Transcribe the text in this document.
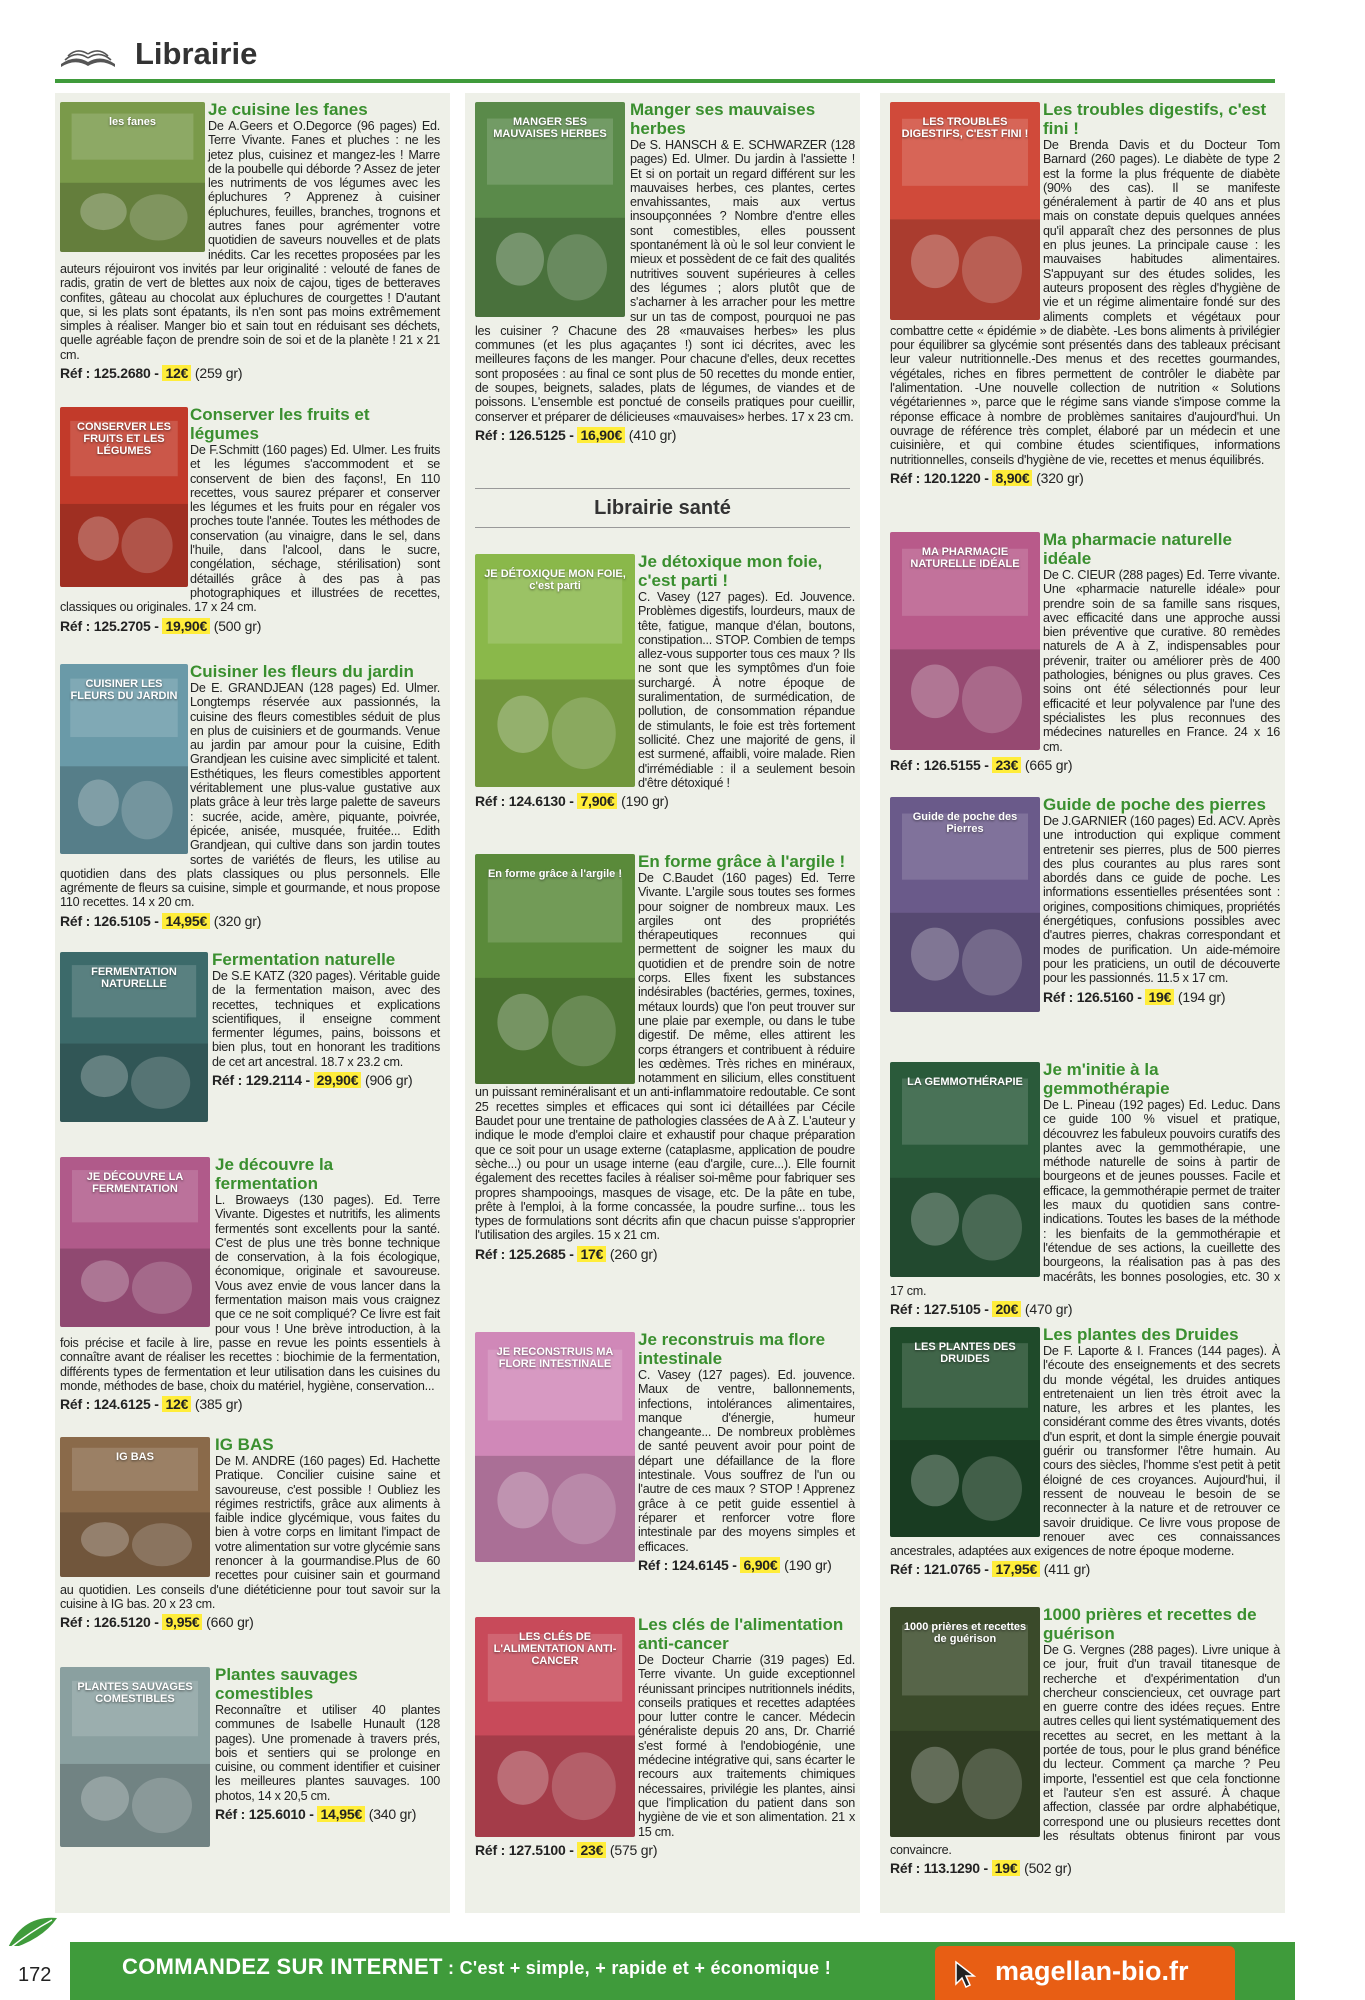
Librairie
Librairie santé
172	COMMANDEZ SUR INTERNET : C'est + simple, + rapide et + économique !	magellan-bio.fr
les fanes
Je cuisine les fanes
De A.Geers et O.Degorce (96 pages) Ed. Terre Vivante. Fanes et pluches : ne les jetez plus, cuisinez et mangez-les ! Marre de la poubelle qui déborde ? Assez de jeter les nutriments de vos légumes avec les épluchures ? Apprenez à cuisiner épluchures, feuilles, branches, trognons et autres fanes pour agrémenter votre quotidien de saveurs nouvelles et de plats inédits. Car les recettes proposées par les auteurs réjouiront vos invités par leur originalité : velouté de fanes de radis, gratin de vert de blettes aux noix de cajou, tiges de betteraves confites, gâteau au chocolat aux épluchures de courgettes ! D'autant que, si les plats sont épatants, ils n'en sont pas moins extrêmement simples à réaliser. Manger bio et sain tout en réduisant ses déchets, quelle agréable façon de prendre soin de soi et de la planète ! 21 x 21 cm.
Réf : 125.2680 - 12€ (259 gr)
CONSERVER LES FRUITS ET LES LÉGUMES
Conserver les fruits et légumes
De F.Schmitt (160 pages) Ed. Ulmer. Les fruits et les légumes s'accommodent et se conservent de bien des façons!, En 110 recettes, vous saurez préparer et conserver les légumes et les fruits pour en régaler vos proches toute l'année. Toutes les méthodes de conservation (au vinaigre, dans le sel, dans l'huile, dans l'alcool, dans le sucre, congélation, séchage, stérilisation) sont détaillés grâce à des pas à pas photographiques et illustrées de recettes, classiques ou originales. 17 x 24 cm.
Réf : 125.2705 - 19,90€ (500 gr)
CUISINER LES FLEURS DU JARDIN
Cuisiner les fleurs du jardin
De E. GRANDJEAN (128 pages) Ed. Ulmer. Longtemps réservée aux passionnés, la cuisine des fleurs comestibles séduit de plus en plus de cuisiniers et de gourmands. Venue au jardin par amour pour la cuisine, Edith Grandjean les cuisine avec simplicité et talent. Esthétiques, les fleurs comestibles apportent véritablement une plus-value gustative aux plats grâce à leur très large palette de saveurs : sucrée, acide, amère, piquante, poivrée, épicée, anisée, musquée, fruitée... Edith Grandjean, qui cultive dans son jardin toutes sortes de variétés de fleurs, les utilise au quotidien dans des plats classiques ou plus personnels. Elle agrémente de fleurs sa cuisine, simple et gourmande, et nous propose 110 recettes. 14 x 20 cm.
Réf : 126.5105 - 14,95€ (320 gr)
FERMENTATION NATURELLE
Fermentation naturelle
De S.E KATZ (320 pages). Véritable guide de la fermentation maison, avec des recettes, techniques et explications scientifiques, il enseigne comment fermenter légumes, pains, boissons et bien plus, tout en honorant les traditions de cet art ancestral. 18.7 x 23.2 cm.
Réf : 129.2114 - 29,90€ (906 gr)
JE DÉCOUVRE LA FERMENTATION
Je découvre la fermentation
L. Browaeys (130 pages). Ed. Terre Vivante. Digestes et nutritifs, les aliments fermentés sont excellents pour la santé. C'est de plus une très bonne technique de conservation, à la fois écologique, économique, originale et savoureuse. Vous avez envie de vous lancer dans la fermentation maison mais vous craignez que ce ne soit compliqué? Ce livre est fait pour vous ! Une brève introduction, à la fois précise et facile à lire, passe en revue les points essentiels à connaître avant de réaliser les recettes : biochimie de la fermentation, différents types de fermentation et leur utilisation dans les cuisines du monde, méthodes de base, choix du matériel, hygiène, conservation...
Réf : 124.6125 - 12€ (385 gr)
IG BAS
IG BAS
De M. ANDRE (160 pages) Ed. Hachette Pratique. Concilier cuisine saine et savoureuse, c'est possible ! Oubliez les régimes restrictifs, grâce aux aliments à faible indice glycémique, vous faites du bien à votre corps en limitant l'impact de votre alimentation sur votre glycémie sans renoncer à la gourmandise.Plus de 60 recettes pour cuisiner sain et gourmand au quotidien. Les conseils d'une diététicienne pour tout savoir sur la cuisine à IG bas. 20 x 23 cm.
Réf : 126.5120 - 9,95€ (660 gr)
PLANTES SAUVAGES COMESTIBLES
Plantes sauvages comestibles
Reconnaître et utiliser 40 plantes communes de Isabelle Hunault (128 pages). Une promenade à travers prés, bois et sentiers qui se prolonge en cuisine, ou comment identifier et cuisiner les meilleures plantes sauvages. 100 photos, 14 x 20,5 cm.
Réf : 125.6010 - 14,95€ (340 gr)
MANGER SES MAUVAISES HERBES
Manger ses mauvaises herbes
De S. HANSCH & E. SCHWARZER (128 pages) Ed. Ulmer. Du jardin à l'assiette ! Et si on portait un regard différent sur les mauvaises herbes, ces plantes, certes envahissantes, mais aux vertus insoupçonnées ? Nombre d'entre elles sont comestibles, elles poussent spontanément là où le sol leur convient le mieux et possèdent de ce fait des qualités nutritives souvent supérieures à celles des légumes ; alors plutôt que de s'acharner à les arracher pour les mettre sur un tas de compost, pourquoi ne pas les cuisiner ? Chacune des 28 «mauvaises herbes» les plus communes (et les plus agaçantes !) sont ici décrites, avec les meilleures façons de les manger. Pour chacune d'elles, deux recettes sont proposées : au final ce sont plus de 50 recettes du monde entier, de soupes, beignets, salades, plats de légumes, de viandes et de poissons. L'ensemble est ponctué de conseils pratiques pour cueillir, conserver et préparer de délicieuses «mauvaises» herbes. 17 x 23 cm.
Réf : 126.5125 - 16,90€ (410 gr)
JE DÉTOXIQUE MON FOIE, c'est parti
Je détoxique mon foie, c'est parti !
C. Vasey (127 pages). Ed. Jouvence. Problèmes digestifs, lourdeurs, maux de tête, fatigue, manque d'élan, boutons, constipation... STOP. Combien de temps allez-vous supporter tous ces maux ? Ils ne sont que les symptômes d'un foie surchargé. À notre époque de suralimentation, de surmédication, de pollution, de consommation répandue de stimulants, le foie est très fortement sollicité. Chez une majorité de gens, il est surmené, affaibli, voire malade. Rien d'irrémédiable : il a seulement besoin d'être détoxiqué !
Réf : 124.6130 - 7,90€ (190 gr)
En forme grâce à l'argile !
En forme grâce à l'argile !
De C.Baudet (160 pages) Ed. Terre Vivante. L'argile sous toutes ses formes pour soigner de nombreux maux. Les argiles ont des propriétés thérapeutiques reconnues qui permettent de soigner les maux du quotidien et de prendre soin de notre corps. Elles fixent les substances indésirables (bactéries, germes, toxines, métaux lourds) que l'on peut trouver sur une plaie par exemple, ou dans le tube digestif. De même, elles attirent les corps étrangers et contribuent à réduire les œdèmes. Très riches en minéraux, notamment en silicium, elles constituent un puissant reminéralisant et un anti-inflammatoire redoutable. Ce sont 25 recettes simples et efficaces qui sont ici détaillées par Cécile Baudet pour une trentaine de pathologies classées de A à Z. L'auteur y indique le mode d'emploi claire et exhaustif pour chaque préparation que ce soit pour un usage externe (cataplasme, application de poudre sèche...) ou pour un usage interne (eau d'argile, cure...). Elle fournit également des recettes faciles à réaliser soi-même pour fabriquer ses propres shampooings, masques de visage, etc. De la pâte en tube, prête à l'emploi, à la forme concassée, la poudre surfine... tous les types de formulations sont décrits afin que chacun puisse s'approprier l'utilisation des argiles. 15 x 21 cm.
Réf : 125.2685 - 17€ (260 gr)
JE RECONSTRUIS MA FLORE INTESTINALE
Je reconstruis ma flore intestinale
C. Vasey (127 pages). Ed. jouvence. Maux de ventre, ballonnements, infections, intolérances alimentaires, manque d'énergie, humeur changeante... De nombreux problèmes de santé peuvent avoir pour point de départ une défaillance de la flore intestinale. Vous souffrez de l'un ou l'autre de ces maux ? STOP ! Apprenez grâce à ce petit guide essentiel à réparer et renforcer votre flore intestinale par des moyens simples et efficaces.
Réf : 124.6145 - 6,90€ (190 gr)
LES CLÉS DE L'ALIMENTATION ANTI-CANCER
Les clés de l'alimentation anti-cancer
De Docteur Charrie (319 pages) Ed. Terre vivante. Un guide exceptionnel réunissant principes nutritionnels inédits, conseils pratiques et recettes adaptées pour lutter contre le cancer. Médecin généraliste depuis 20 ans, Dr. Charrié s'est formé à l'endobiogénie, une médecine intégrative qui, sans écarter le recours aux traitements chimiques nécessaires, privilégie les plantes, ainsi que l'implication du patient dans son hygiène de vie et son alimentation. 21 x 15 cm.
Réf : 127.5100 - 23€ (575 gr)
LES TROUBLES DIGESTIFS, C'EST FINI !
Les troubles digestifs, c'est fini !
De Brenda Davis et du Docteur Tom Barnard (260 pages). Le diabète de type 2 est la forme la plus fréquente de diabète (90% des cas). Il se manifeste généralement à partir de 40 ans et plus mais on constate depuis quelques années qu'il apparaît chez des personnes de plus en plus jeunes. La principale cause : les mauvaises habitudes alimentaires. S'appuyant sur des études solides, les auteurs proposent des règles d'hygiène de vie et un régime alimentaire fondé sur des aliments complets et végétaux pour combattre cette « épidémie » de diabète. -Les bons aliments à privilégier pour équilibrer sa glycémie sont présentés dans des tableaux précisant leur valeur nutritionnelle.-Des menus et des recettes gourmandes, végétales, riches en fibres permettent de contrôler le diabète par l'alimentation. -Une nouvelle collection de nutrition « Solutions végétariennes », parce que le régime sans viande s'impose comme la réponse efficace à nombre de problèmes sanitaires d'aujourd'hui. Un ouvrage de référence très complet, élaboré par un médecin et une cuisinière, et qui combine études scientifiques, informations nutritionnelles, conseils d'hygiène de vie, recettes et menus équilibrés.
Réf : 120.1220 - 8,90€ (320 gr)
MA PHARMACIE NATURELLE IDÉALE
Ma pharmacie naturelle idéale
De C. CIEUR (288 pages) Ed. Terre vivante. Une «pharmacie naturelle idéale» pour prendre soin de sa famille sans risques, avec efficacité dans une approche aussi bien préventive que curative. 80 remèdes naturels de A à Z, indispensables pour prévenir, traiter ou améliorer près de 400 pathologies, bénignes ou plus graves. Ces soins ont été sélectionnés pour leur efficacité et leur polyvalence par l'une des spécialistes les plus reconnues des médecines naturelles en France. 24 x 16 cm.
Réf : 126.5155 - 23€ (665 gr)
Guide de poche des Pierres
Guide de poche des pierres
De J.GARNIER (160 pages) Ed. ACV. Après une introduction qui explique comment entretenir ses pierres, plus de 500 pierres des plus courantes au plus rares sont abordés dans ce guide de poche. Les informations essentielles présentées sont : origines, compositions chimiques, propriétés énergétiques, confusions possibles avec d'autres pierres, chakras correspondant et modes de purification. Un aide-mémoire pour les praticiens, un outil de découverte pour les passionnés. 11.5 x 17 cm.
Réf : 126.5160 - 19€ (194 gr)
LA GEMMOTHÉRAPIE
Je m'initie à la gemmothérapie
De L. Pineau (192 pages) Ed. Leduc. Dans ce guide 100 % visuel et pratique, découvrez les fabuleux pouvoirs curatifs des plantes avec la gemmothérapie, une méthode naturelle de soins à partir de bourgeons et de jeunes pousses. Facile et efficace, la gemmothérapie permet de traiter les maux du quotidien sans contre-indications. Toutes les bases de la méthode : les bienfaits de la gemmothérapie et l'étendue de ses actions, la cueillette des bourgeons, la réalisation pas à pas des macérâts, les bonnes posologies, etc. 30 x 17 cm.
Réf : 127.5105 - 20€ (470 gr)
LES PLANTES DES DRUIDES
Les plantes des Druides
De F. Laporte & I. Frances (144 pages). À l'écoute des enseignements et des secrets du monde végétal, les druides antiques entretenaient un lien très étroit avec la nature, les arbres et les plantes, les considérant comme des êtres vivants, dotés d'un esprit, et dont la simple énergie pouvait guérir ou transformer l'être humain. Au cours des siècles, l'homme s'est petit à petit éloigné de ces croyances. Aujourd'hui, il ressent de nouveau le besoin de se reconnecter à la nature et de retrouver ce savoir druidique. Ce livre vous propose de renouer avec ces connaissances ancestrales, adaptées aux exigences de notre époque moderne.
Réf : 121.0765 - 17,95€ (411 gr)
1000 prières et recettes de guérison
1000 prières et recettes de guérison
De G. Vergnes (288 pages). Livre unique à ce jour, fruit d'un travail titanesque de recherche et d'expérimentation d'un chercheur consciencieux, cet ouvrage part en guerre contre des idées reçues. Entre autres celles qui lient systématiquement des recettes au secret, en les mettant à la portée de tous, pour le plus grand bénéfice du lecteur. Comment ça marche ? Peu importe, l'essentiel est que cela fonctionne et l'auteur s'en est assuré. À chaque affection, classée par ordre alphabétique, correspond une ou plusieurs recettes dont les résultats obtenus finiront par vous convaincre.
Réf : 113.1290 - 19€ (502 gr)
